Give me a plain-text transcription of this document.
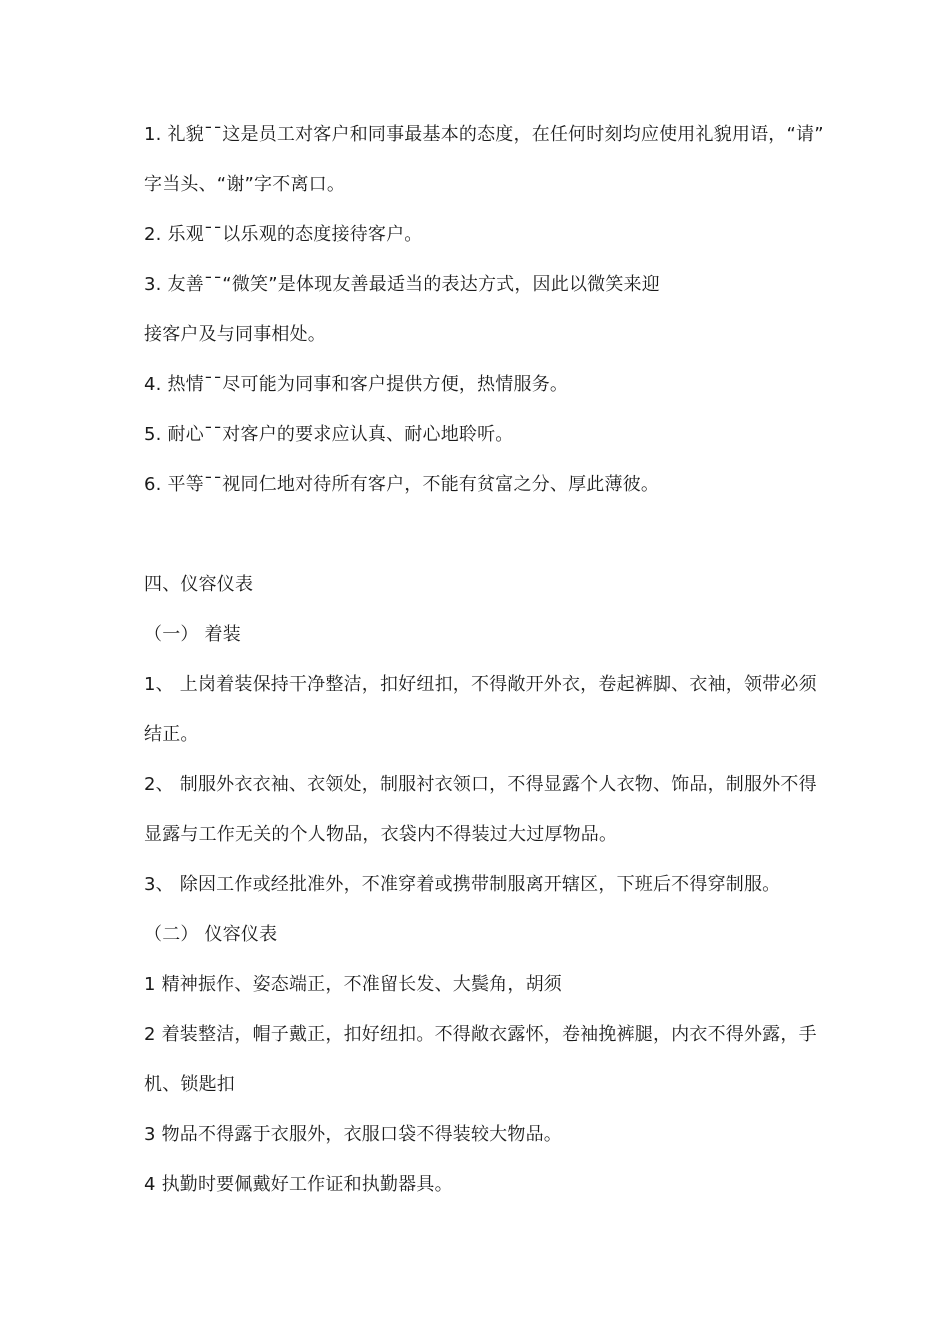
1. 礼貌¯¯这是员工对客户和同事最基本的态度，在任何时刻均应使用礼貌用语，“请”
字当头、“谢”字不离口。
2. 乐观¯¯以乐观的态度接待客户。
3. 友善¯¯“微笑”是体现友善最适当的表达方式，因此以微笑来迎
接客户及与同事相处。
4. 热情¯¯尽可能为同事和客户提供方便，热情服务。
5. 耐心¯¯对客户的要求应认真、耐心地聆听。
6. 平等¯¯视同仁地对待所有客户，不能有贫富之分、厚此薄彼。
四、仪容仪表
（一） 着装
1、 上岗着装保持干净整洁，扣好纽扣，不得敞开外衣，卷起裤脚、衣袖，领带必须
结正。
2、 制服外衣衣袖、衣领处，制服衬衣领口，不得显露个人衣物、饰品，制服外不得
显露与工作无关的个人物品，衣袋内不得装过大过厚物品。
3、 除因工作或经批准外，不准穿着或携带制服离开辖区，下班后不得穿制服。
（二） 仪容仪表
1 精神振作、姿态端正，不准留长发、大鬓角，胡须
2 着装整洁，帽子戴正，扣好纽扣。不得敞衣露怀，卷袖挽裤腿，内衣不得外露，手
机、锁匙扣
3 物品不得露于衣服外，衣服口袋不得装较大物品。
4 执勤时要佩戴好工作证和执勤器具。
